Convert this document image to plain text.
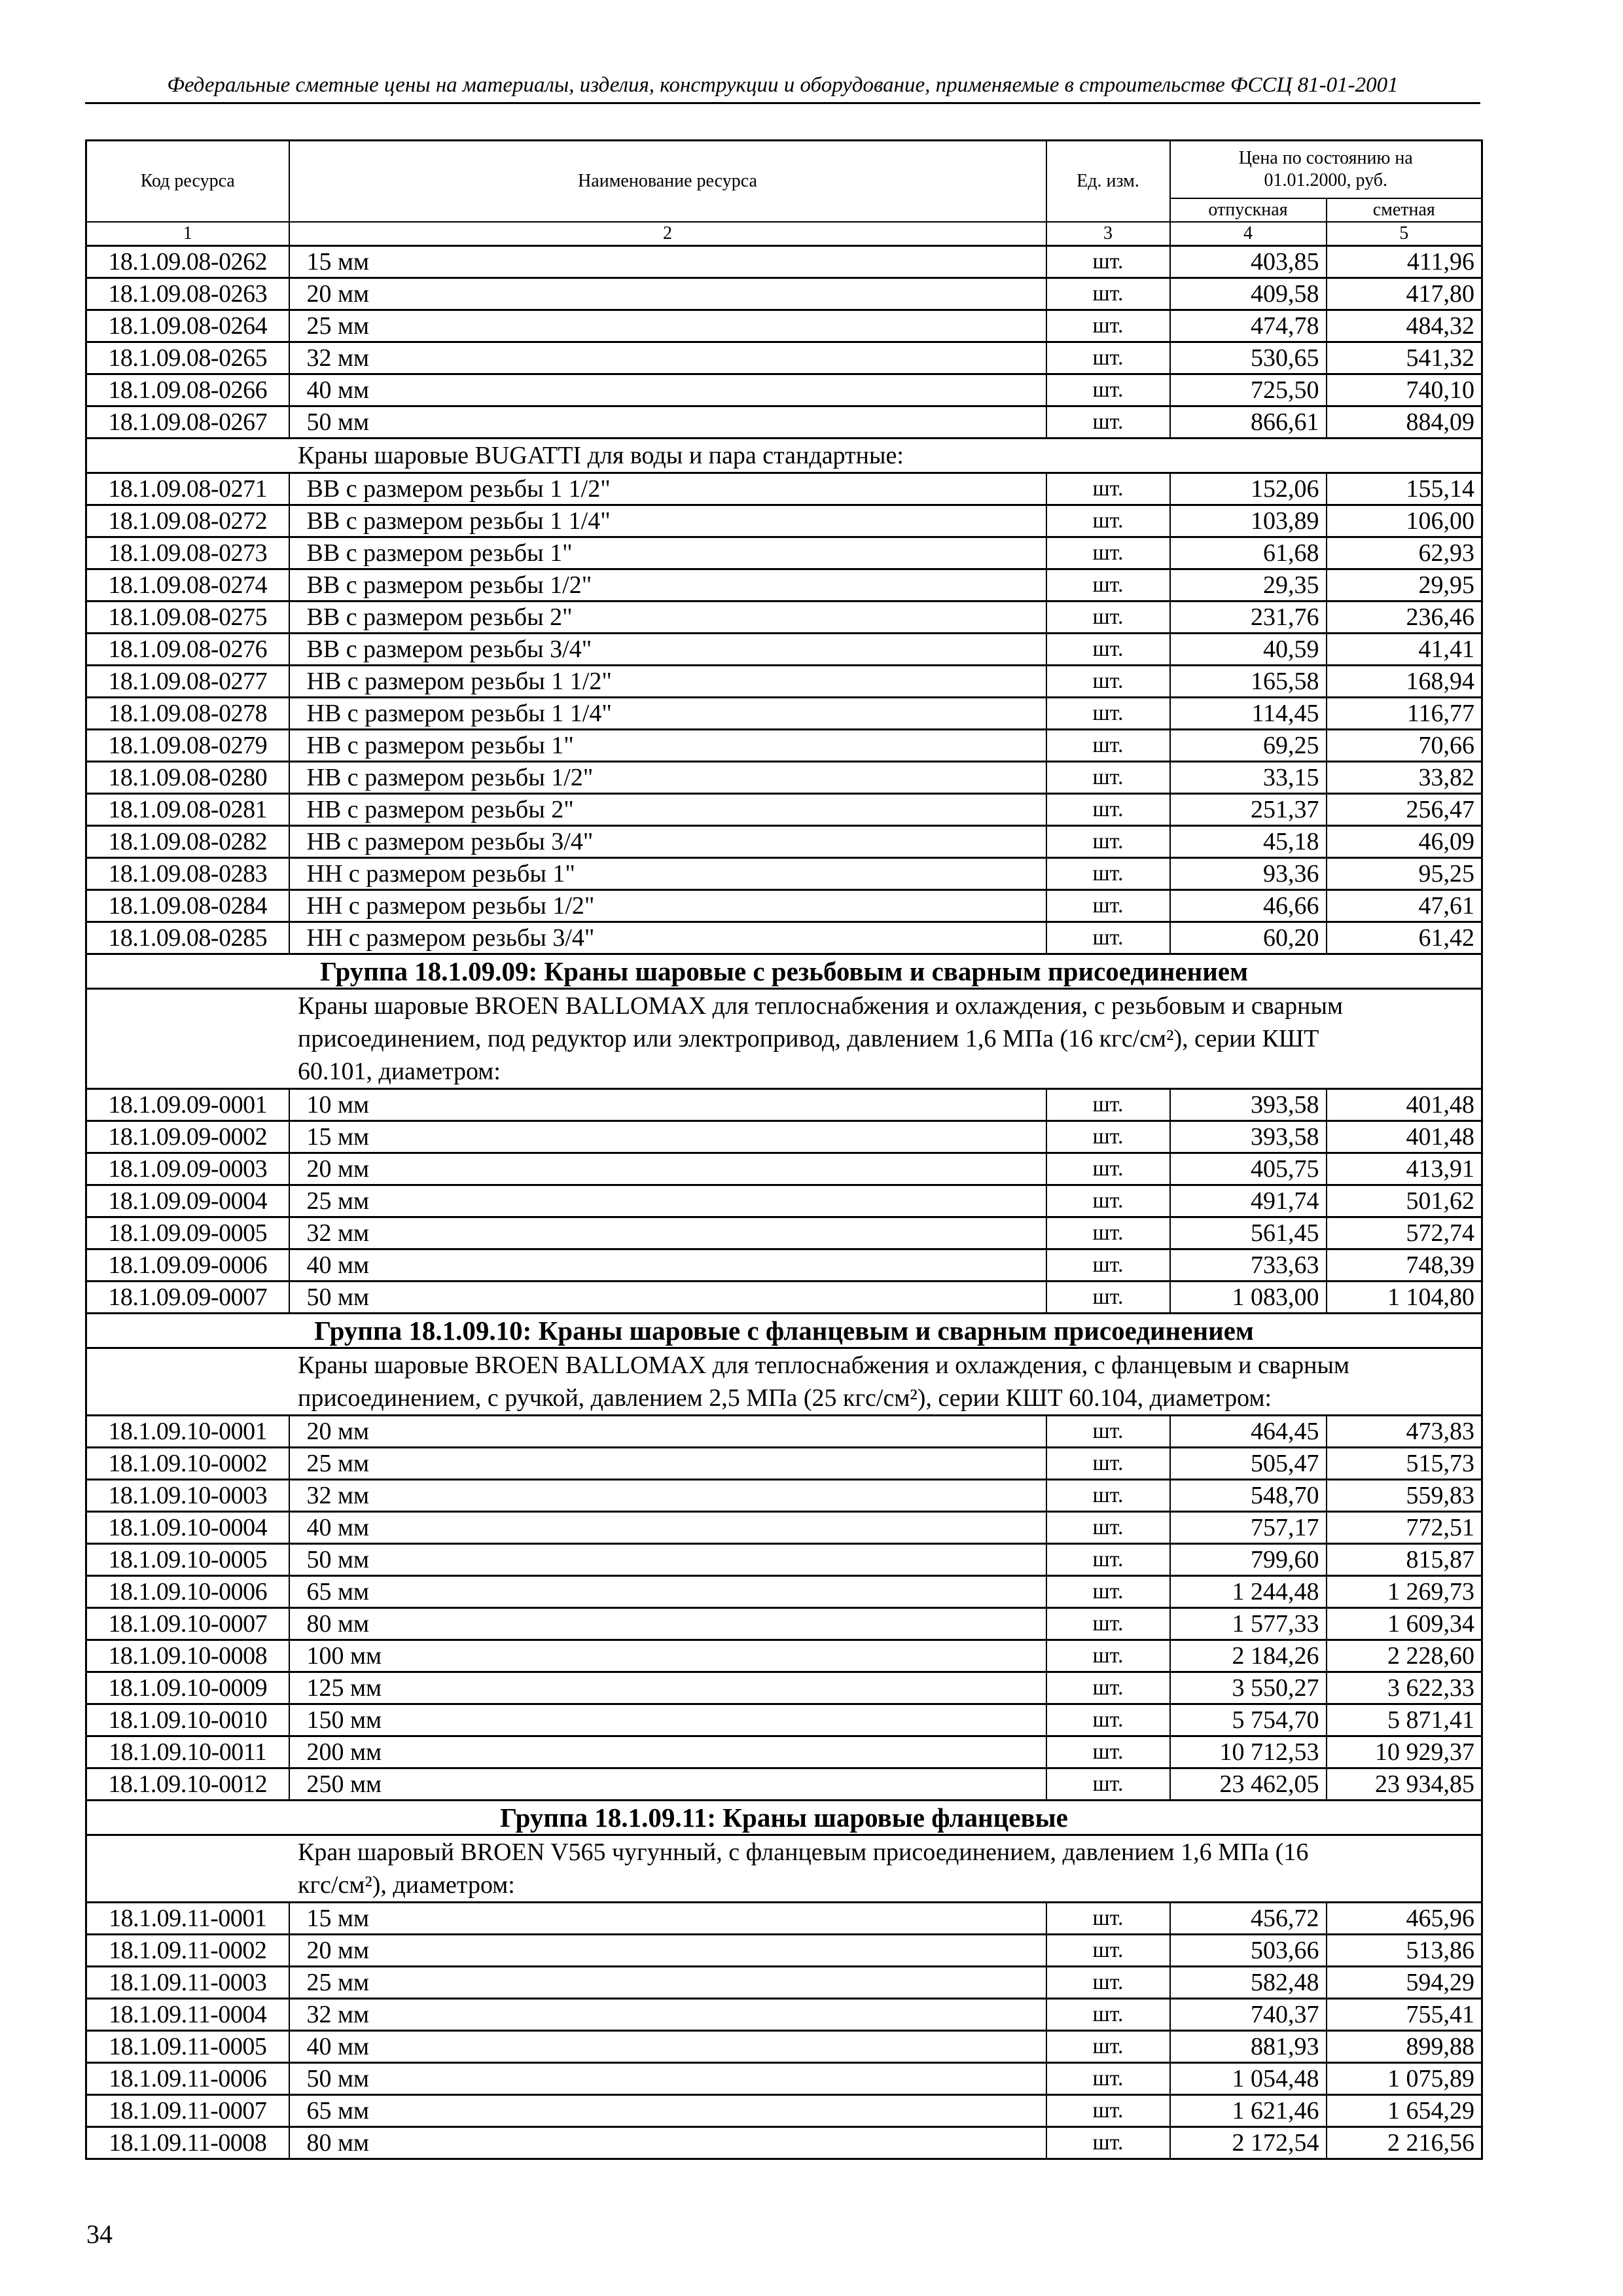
Федеральные сметные цены на материалы, изделия, конструкции и оборудование, применяемые в строительстве ФССЦ 81-01-2001
Код ресурса	Наименование ресурса	Ед. изм.	Цена по состоянию на
01.01.2000, руб.	

			отпускная	сметная
1	2	3	4	5
18.1.09.08-0262	15 мм	шт.	403,85	411,96
18.1.09.08-0263	20 мм	шт.	409,58	417,80
18.1.09.08-0264	25 мм	шт.	474,78	484,32
18.1.09.08-0265	32 мм	шт.	530,65	541,32
18.1.09.08-0266	40 мм	шт.	725,50	740,10
18.1.09.08-0267	50 мм	шт.	866,61	884,09
Краны шаровые BUGATTI для воды и пара стандартные:				
18.1.09.08-0271	ВВ с размером резьбы 1 1/2"	шт.	152,06	155,14
18.1.09.08-0272	ВВ с размером резьбы 1 1/4"	шт.	103,89	106,00
18.1.09.08-0273	ВВ с размером резьбы 1"	шт.	61,68	62,93
18.1.09.08-0274	ВВ с размером резьбы 1/2"	шт.	29,35	29,95
18.1.09.08-0275	ВВ с размером резьбы 2"	шт.	231,76	236,46
18.1.09.08-0276	ВВ с размером резьбы 3/4"	шт.	40,59	41,41
18.1.09.08-0277	НВ с размером резьбы 1 1/2"	шт.	165,58	168,94
18.1.09.08-0278	НВ с размером резьбы 1 1/4"	шт.	114,45	116,77
18.1.09.08-0279	НВ с размером резьбы 1"	шт.	69,25	70,66
18.1.09.08-0280	НВ с размером резьбы 1/2"	шт.	33,15	33,82
18.1.09.08-0281	НВ с размером резьбы 2"	шт.	251,37	256,47
18.1.09.08-0282	НВ с размером резьбы 3/4"	шт.	45,18	46,09
18.1.09.08-0283	НН с размером резьбы 1"	шт.	93,36	95,25
18.1.09.08-0284	НН с размером резьбы 1/2"	шт.	46,66	47,61
18.1.09.08-0285	НН с размером резьбы 3/4"	шт.	60,20	61,42
Группа 18.1.09.09: Краны шаровые с резьбовым и сварным присоединением				

Краны шаровые BROEN BALLOMAX для теплоснабжения и охлаждения, с резьбовым и сварным
присоединением, под редуктор или электропривод, давлением 1,6 МПа (16 кгс/см²), серии КШТ
60.101, диаметром:				

18.1.09.09-0001	10 мм	шт.	393,58	401,48
18.1.09.09-0002	15 мм	шт.	393,58	401,48
18.1.09.09-0003	20 мм	шт.	405,75	413,91
18.1.09.09-0004	25 мм	шт.	491,74	501,62
18.1.09.09-0005	32 мм	шт.	561,45	572,74
18.1.09.09-0006	40 мм	шт.	733,63	748,39
18.1.09.09-0007	50 мм	шт.	1 083,00	1 104,80
Группа 18.1.09.10: Краны шаровые с фланцевым и сварным присоединением				

Краны шаровые BROEN BALLOMAX для теплоснабжения и охлаждения, с фланцевым и сварным
присоединением, с ручкой, давлением 2,5 МПа (25 кгс/см²), серии КШТ 60.104, диаметром:				

18.1.09.10-0001	20 мм	шт.	464,45	473,83
18.1.09.10-0002	25 мм	шт.	505,47	515,73
18.1.09.10-0003	32 мм	шт.	548,70	559,83
18.1.09.10-0004	40 мм	шт.	757,17	772,51
18.1.09.10-0005	50 мм	шт.	799,60	815,87
18.1.09.10-0006	65 мм	шт.	1 244,48	1 269,73
18.1.09.10-0007	80 мм	шт.	1 577,33	1 609,34
18.1.09.10-0008	100 мм	шт.	2 184,26	2 228,60
18.1.09.10-0009	125 мм	шт.	3 550,27	3 622,33
18.1.09.10-0010	150 мм	шт.	5 754,70	5 871,41
18.1.09.10-0011	200 мм	шт.	10 712,53	10 929,37
18.1.09.10-0012	250 мм	шт.	23 462,05	23 934,85
Группа 18.1.09.11: Краны шаровые фланцевые				

Кран шаровый BROEN V565 чугунный, с фланцевым присоединением, давлением 1,6 МПа (16
кгс/см²), диаметром:				

18.1.09.11-0001	15 мм	шт.	456,72	465,96
18.1.09.11-0002	20 мм	шт.	503,66	513,86
18.1.09.11-0003	25 мм	шт.	582,48	594,29
18.1.09.11-0004	32 мм	шт.	740,37	755,41
18.1.09.11-0005	40 мм	шт.	881,93	899,88
18.1.09.11-0006	50 мм	шт.	1 054,48	1 075,89
18.1.09.11-0007	65 мм	шт.	1 621,46	1 654,29
18.1.09.11-0008	80 мм	шт.	2 172,54	2 216,56
34
